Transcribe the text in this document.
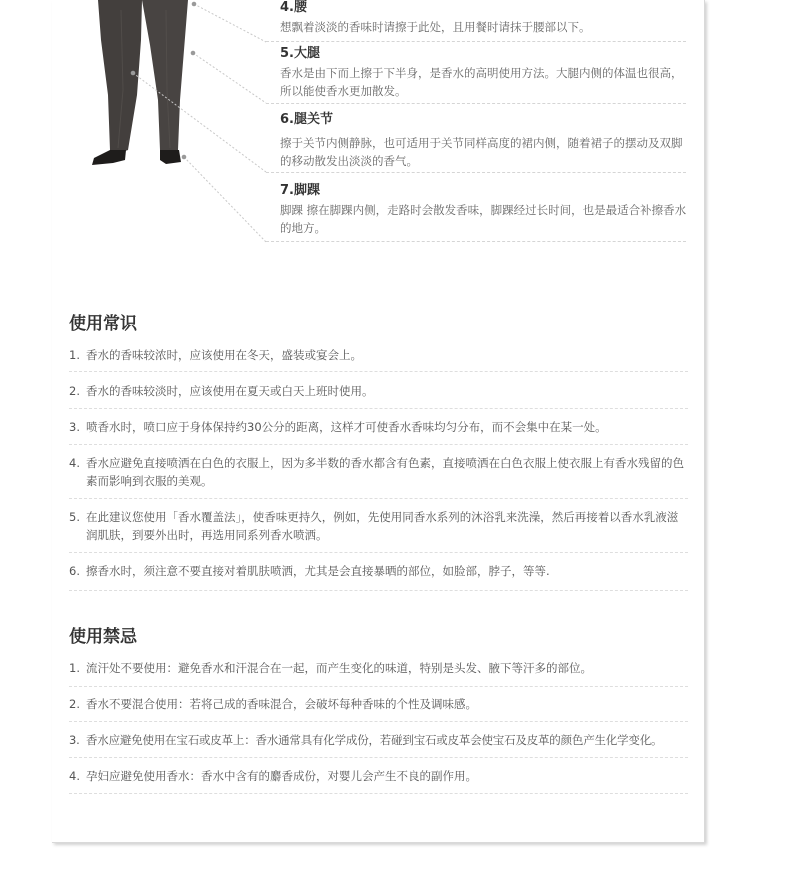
4.腰
想飘着淡淡的香味时请擦于此处，且用餐时请抹于腰部以下。
5.大腿
香水是由下而上擦于下半身，是香水的高明使用方法。大腿内侧的体温也很高，所以能使香水更加散发。
6.腿关节
擦于关节内侧静脉，也可适用于关节同样高度的裙内侧，随着裙子的摆动及双脚的移动散发出淡淡的香气。
7.脚踝
脚踝 擦在脚踝内侧，走路时会散发香味，脚踝经过长时间，也是最适合补擦香水的地方。
使用常识
1. 香水的香味较浓时，应该使用在冬天，盛装或宴会上。
2. 香水的香味较淡时，应该使用在夏天或白天上班时使用。
3. 喷香水时，喷口应于身体保持约30公分的距离，这样才可使香水香味均匀分布，而不会集中在某一处。
4. 香水应避免直接喷洒在白色的衣服上，因为多半数的香水都含有色素，直接喷洒在白色衣服上使衣服上有香水残留的色素而影响到衣服的美观。
5. 在此建议您使用「香水覆盖法」，使香味更持久，例如，先使用同香水系列的沐浴乳来洗澡，然后再接着以香水乳液滋润肌肤，到要外出时，再选用同系列香水喷洒。
6. 擦香水时，须注意不要直接对着肌肤喷洒，尤其是会直接暴晒的部位，如脸部，脖子，等等.
使用禁忌
1. 流汗处不要使用：避免香水和汗混合在一起，而产生变化的味道，特别是头发、腋下等汗多的部位。
2. 香水不要混合使用：若将己成的香味混合，会破坏每种香味的个性及调味感。
3. 香水应避免使用在宝石或皮革上：香水通常具有化学成份，若碰到宝石或皮革会使宝石及皮革的颜色产生化学变化。
4. 孕妇应避免使用香水：香水中含有的麝香成份，对婴儿会产生不良的副作用。
